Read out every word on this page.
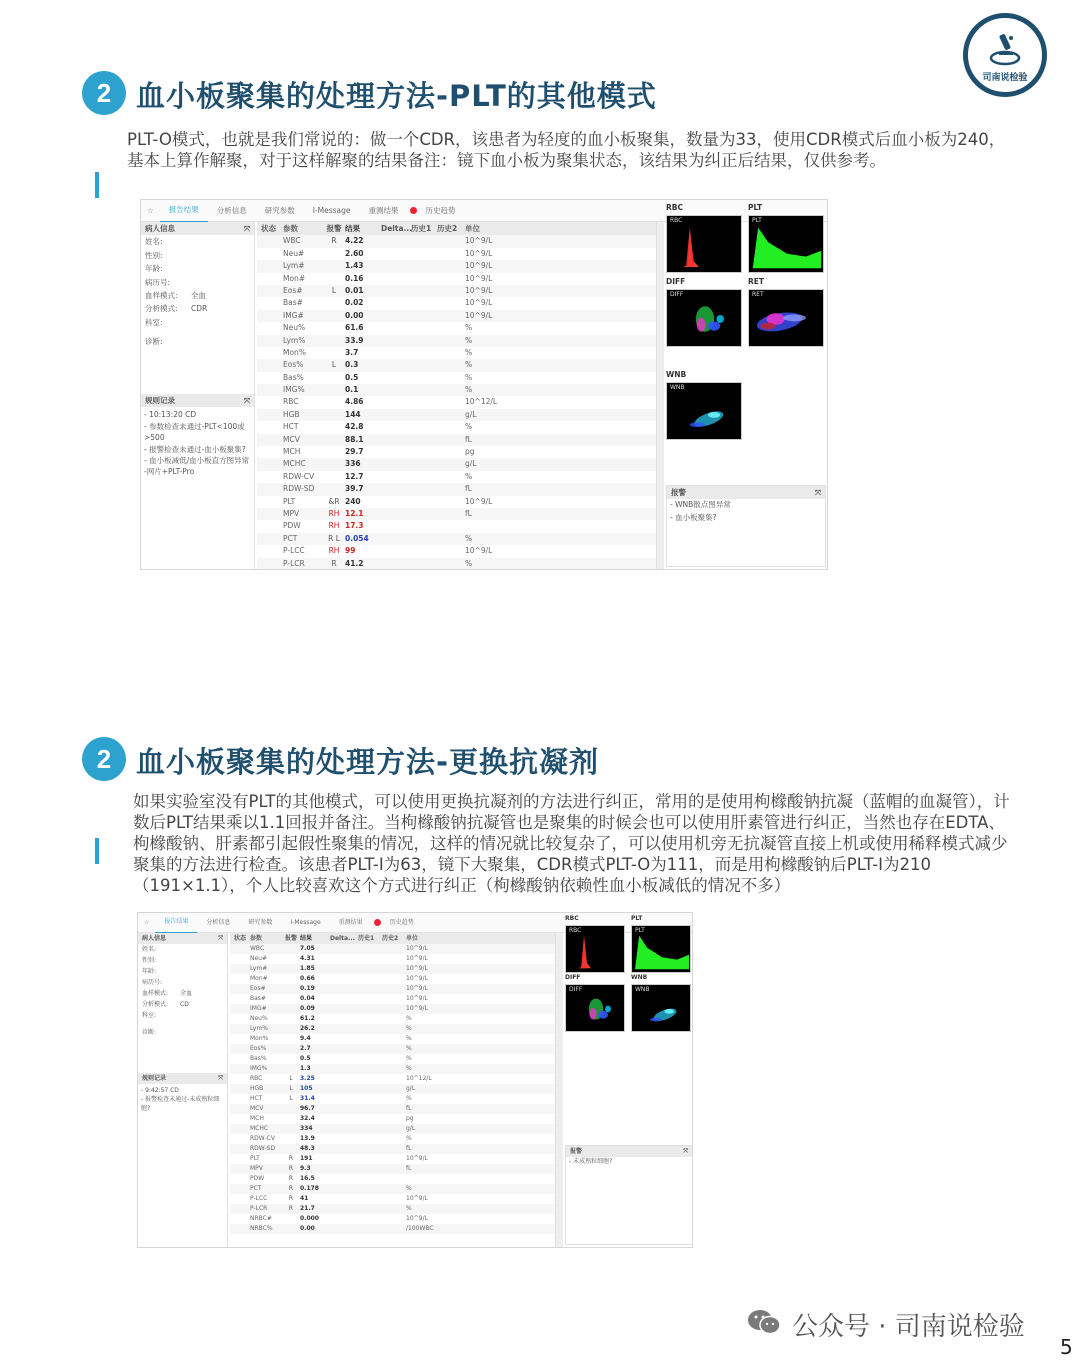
司南说检验
2 血小板聚集的处理方法-PLT的其他模式
PLT-O模式，也就是我们常说的：做一个CDR，该患者为轻度的血小板聚集，数量为33，使用CDR模式后血小板为240，基本上算作解聚，对于这样解聚的结果备注：镜下血小板为聚集状态，该结果为纠正后结果，仅供参考。
☆	报告结果	分析信息	研究参数	I-Message	重测结果	历史趋势
病人信息	⤧
姓名:
性别:
年龄:
病历号:
血样模式: 全血
分析模式: CDR
科室:
诊断:
规则记录	⤧
- 10:13:20 CD
- 参数检查未通过-PLT<100或
>500
- 报警检查未通过-血小板聚集?
- 血小板减低/血小板直方图异常
-网片+PLT-Pro
状态 参数	报警 结果	Delta...
历史1 历史2	单位
WBC	R	4.22	10^9/L
Neu#	2.60	10^9/L
Lym#	1.43	10^9/L
Mon#	0.16	10^9/L
Eos#	L	0.01	10^9/L
Bas#	0.02	10^9/L
IMG#	0.00	10^9/L
Neu%	61.6	%
Lym%	33.9	%
Mon%	3.7	%
Eos%	L	0.3	%
Bas%	0.5	%
IMG%	0.1	%
RBC	4.86	10^12/L
HGB	144	g/L
HCT	42.8	%
MCV	88.1	fL
MCH	29.7	pg
MCHC	336	g/L
RDW-CV	12.7	%
RDW-SD	39.7	fL
PLT	&R 240	10^9/L
MPV	RH 12.1	fL
PDW	RH 17.3
PCT	R L 0.054	%
P-LCC	RH 99	10^9/L
P-LCR	R	41.2	%
RBC
RBC
PLT
PLT
DIFF
DIFF
RET
RET
WNB
WNB
报警	⤧
- WNB散点图异常
- 血小板聚集?
2 血小板聚集的处理方法-更换抗凝剂
如果实验室没有PLT的其他模式，可以使用更换抗凝剂的方法进行纠正，常用的是使用枸橼酸钠抗凝（蓝帽的血凝管），计数后PLT结果乘以1.1回报并备注。当枸橼酸钠抗凝管也是聚集的时候会也可以使用肝素管进行纠正，当然也存在EDTA、枸橼酸钠、肝素都引起假性聚集的情况，这样的情况就比较复杂了，可以使用机旁无抗凝管直接上机或使用稀释模式减少聚集的方法进行检查。该患者PLT-I为63，镜下大聚集，CDR模式PLT-O为111，而是用枸橼酸钠后PLT-I为210（191×1.1），个人比较喜欢这个方式进行纠正（枸橼酸钠依赖性血小板减低的情况不多）
☆	报告结果	分析信息	研究参数	I-Message	重测结果	历史趋势
病人信息	⤧
姓名:
性别:
年龄:
病历号:
血样模式: 全血
分析模式: CD
科室:
诊断:
规则记录	⤧
- 9:42:57 CD
- 报警检查未通过-未成熟粒细
胞?
状态 参数	报警 结果	Delta... 历史1	历史2	单位
WBC	7.05	10^9/L
Neu#	4.31	10^9/L
Lym#	1.85	10^9/L
Mon#	0.66	10^9/L
Eos#	0.19	10^9/L
Bas#	0.04	10^9/L
IMG#	0.09	10^9/L
Neu%	61.2	%
Lym%	26.2	%
Mon%	9.4	%
Eos%	2.7	%
Bas%	0.5	%
IMG%	1.3	%
RBC	L	3.25	10^12/L
HGB	L	105	g/L
HCT	L	31.4	%
MCV	96.7	fL
MCH	32.4	pg
MCHC	334	g/L
RDW-CV	13.9	%
RDW-SD	48.3	fL
PLT	R	191	10^9/L
MPV	R	9.3	fL
PDW	R	16.5
PCT	R	0.178	%
P-LCC	R	41	10^9/L
P-LCR	R	21.7	%
NRBC#	0.000	10^9/L
NRBC%	0.00	/100WBC
RBC
RBC
PLT
PLT
DIFF
DIFF
WNB
WNB
报警	⤧
- 未成熟粒细胞?
公众号 · 司南说检验
5
